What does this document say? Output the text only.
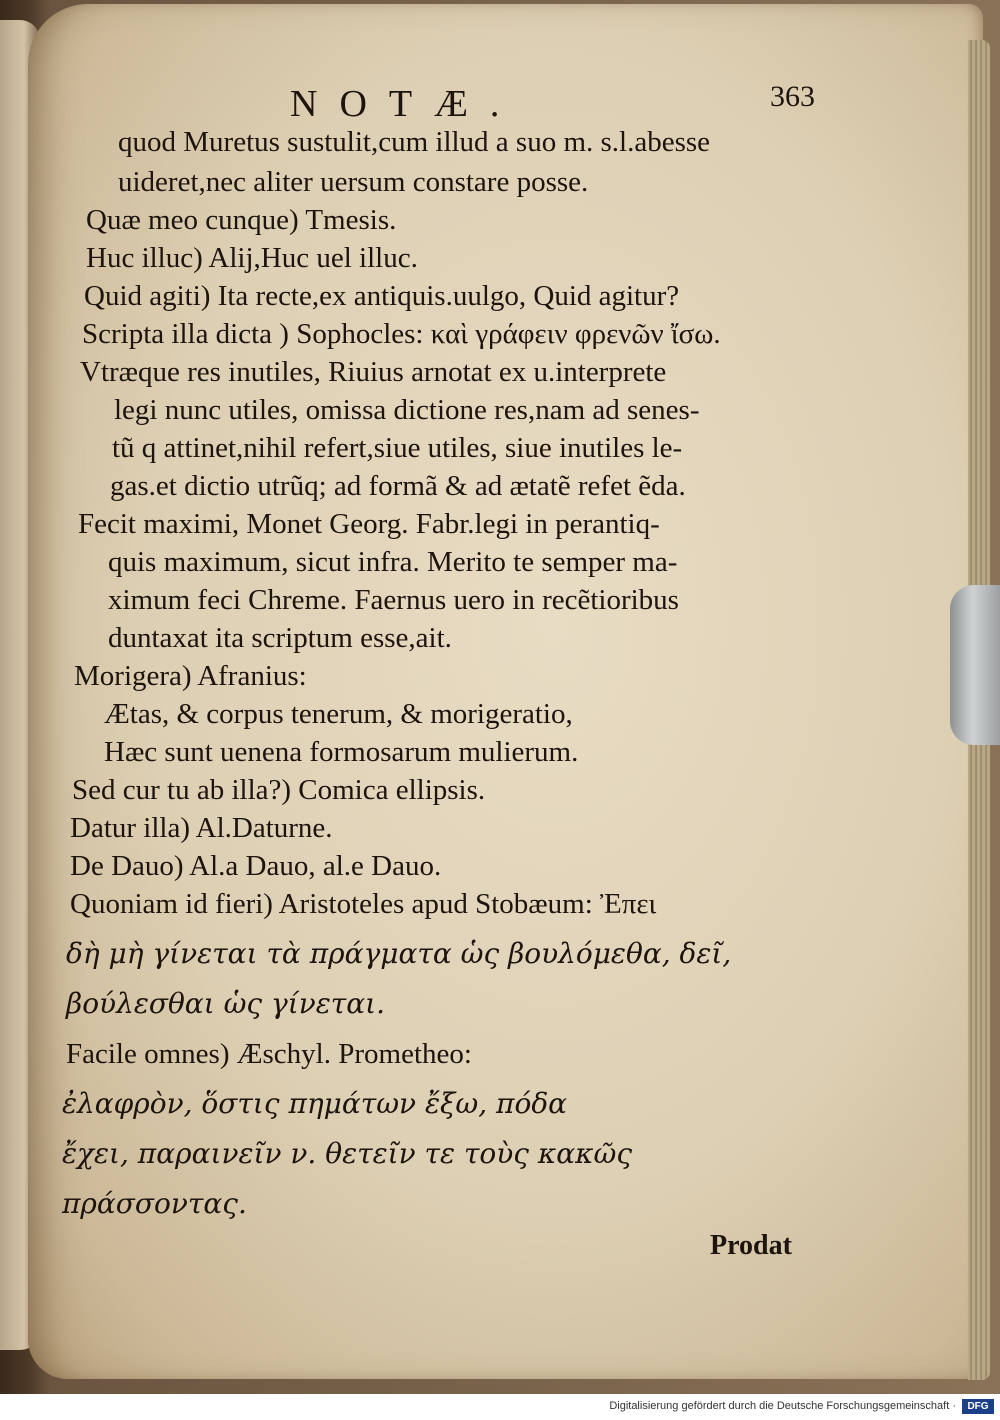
NOTÆ.	363
quod Muretus sustulit,cum illud a suo m. s.l.abesse
uideret,nec aliter uersum constare posse.
Quæ meo cunque) Tmesis.
Huc illuc) Alij,Huc uel illuc.
Quid agiti) Ita recte,ex antiquis.uulgo, Quid agitur?
Scripta illa dicta ) Sophocles: καὶ γράφειν φρενῶν ἴσω.
Vtræque res inutiles, Riuius arnotat ex u.interprete
legi nunc utiles, omissa dictione res,nam ad senes-
tũ q attinet,nihil refert,siue utiles, siue inutiles le-
gas.et dictio utrũq; ad formã & ad ætatẽ refet ẽda.
Fecit maximi, Monet Georg. Fabr.legi in perantiq-
quis maximum, sicut infra. Merito te semper ma-
ximum feci Chreme. Faernus uero in recẽtioribus
duntaxat ita scriptum esse,ait.
Morigera) Afranius:
Ætas, & corpus tenerum, & morigeratio,
Hæc sunt uenena formosarum mulierum.
Sed cur tu ab illa?) Comica ellipsis.
Datur illa) Al.Daturne.
De Dauo) Al.a Dauo, al.e Dauo.
Quoniam id fieri) Aristoteles apud Stobæum: Ἐπει
δὴ μὴ γίνεται τὰ πράγματα ὡς βουλόμεθα, δεῖ,
βούλεσθαι ὡς γίνεται.
Facile omnes) Æschyl. Prometheo:
ἐλαφρὸν, ὅστις πημάτων ἔξω, πόδα
ἔχει, παραινεῖν ν. θετεῖν τε τοὺς κακῶς
πράσσοντας.
Prodat
Digitalisierung gefördert durch die Deutsche Forschungsgemeinschaft ·	DFG
